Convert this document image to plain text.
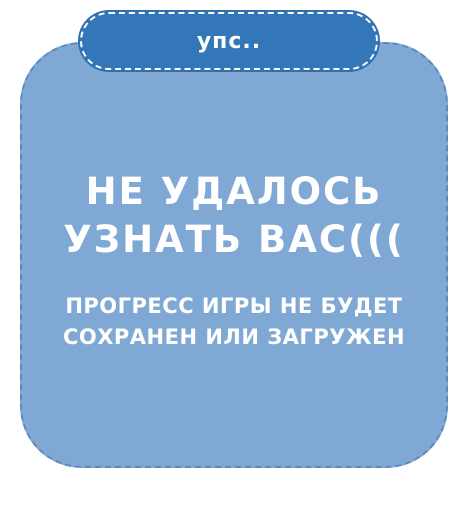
упс..
НЕ УДАЛОСЬ
УЗНАТЬ ВАС(((
ПРОГРЕСС ИГРЫ НЕ БУДЕТ
СОХРАНЕН ИЛИ ЗАГРУЖЕН
